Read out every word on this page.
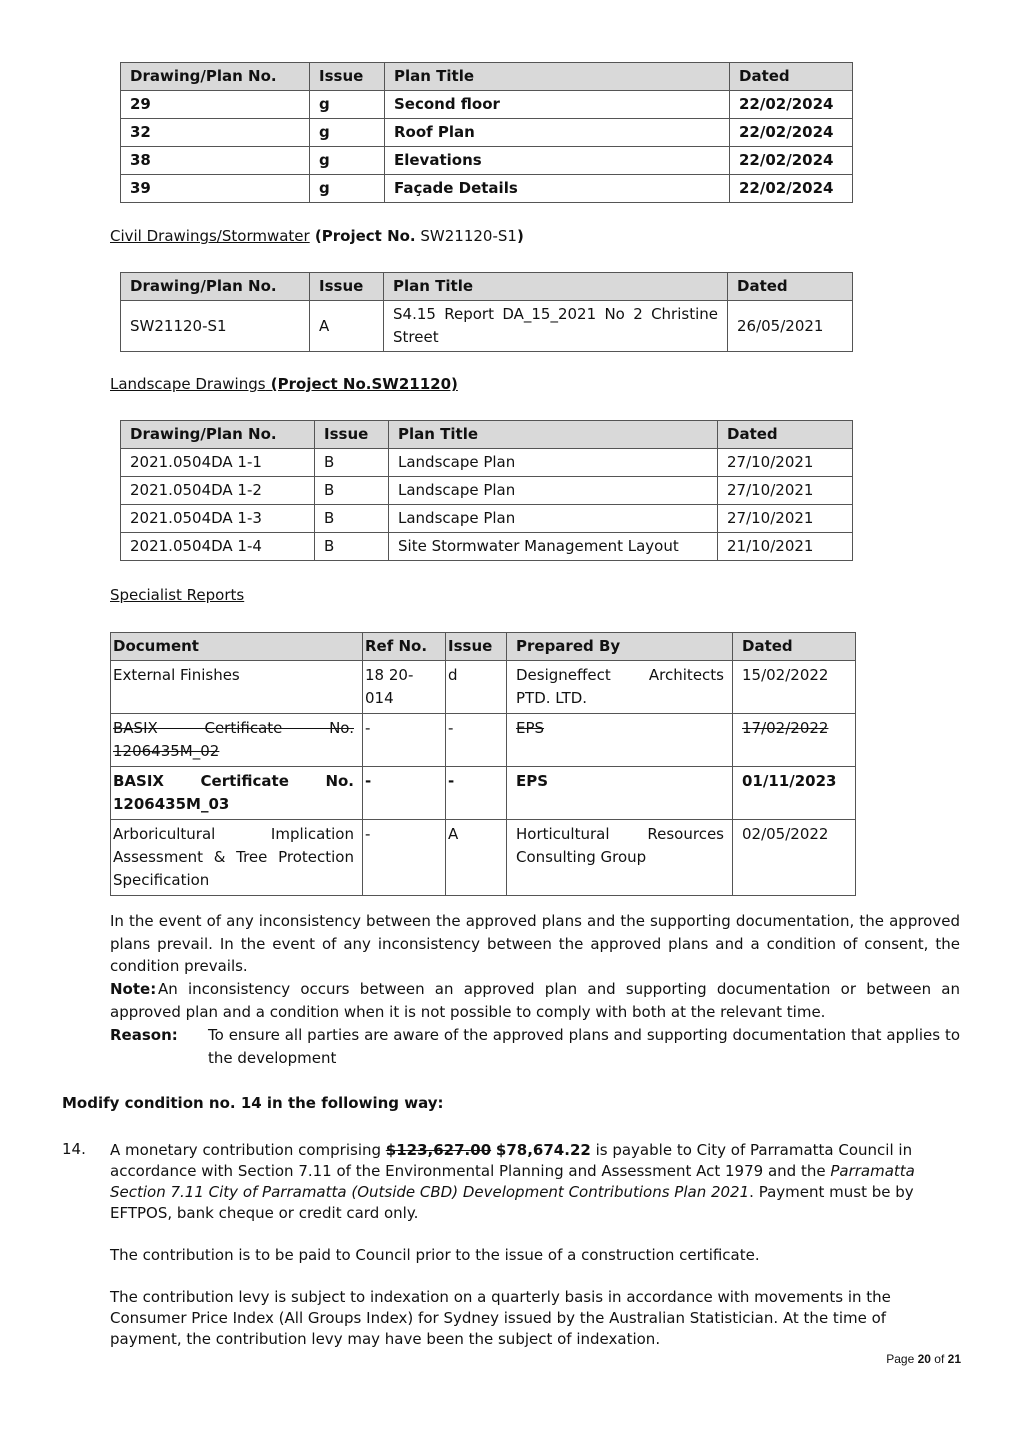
Drawing/Plan No.	Issue	Plan Title	Dated
29	g	Second floor	22/02/2024
32	g	Roof Plan	22/02/2024
38	g	Elevations	22/02/2024
39	g	Façade Details	22/02/2024
Civil Drawings/Stormwater (Project No. SW21120-S1)
Drawing/Plan No.	Issue	Plan Title	Dated
SW21120-S1	A	S4.15 Report DA_15_2021 No 2 Christine Street	26/05/2021
Landscape Drawings (Project No.SW21120)
Drawing/Plan No.	Issue	Plan Title	Dated
2021.0504DA 1-1	B	Landscape Plan	27/10/2021
2021.0504DA 1-2	B	Landscape Plan	27/10/2021
2021.0504DA 1-3	B	Landscape Plan	27/10/2021
2021.0504DA 1-4	B	Site Stormwater Management Layout	21/10/2021
Specialist Reports
Document	Ref No.	Issue	Prepared By	Dated
External Finishes	18 20-014	d	Designeffect Architects PTD. LTD.	15/02/2022
BASIX Certificate No. 1206435M_02	-	-	EPS	17/02/2022
BASIX Certificate No. 1206435M_03	-	-	EPS	01/11/2023
Arboricultural Implication Assessment & Tree Protection Specification	-	A	Horticultural Resources Consulting Group	02/05/2022
In the event of any inconsistency between the approved plans and the supporting documentation, the approved plans prevail. In the event of any inconsistency between the approved plans and a condition of consent, the condition prevails.
Note: An inconsistency occurs between an approved plan and supporting documentation or between an approved plan and a condition when it is not possible to comply with both at the relevant time.
Reason: To ensure all parties are aware of the approved plans and supporting documentation that applies to the development
Modify condition no. 14 in the following way:
14. A monetary contribution comprising $123,627.00 $78,674.22 is payable to City of Parramatta Council in accordance with Section 7.11 of the Environmental Planning and Assessment Act 1979 and the Parramatta Section 7.11 City of Parramatta (Outside CBD) Development Contributions Plan 2021. Payment must be by EFTPOS, bank cheque or credit card only.
The contribution is to be paid to Council prior to the issue of a construction certificate.
The contribution levy is subject to indexation on a quarterly basis in accordance with movements in the Consumer Price Index (All Groups Index) for Sydney issued by the Australian Statistician. At the time of payment, the contribution levy may have been the subject of indexation.
Page 20 of 21
